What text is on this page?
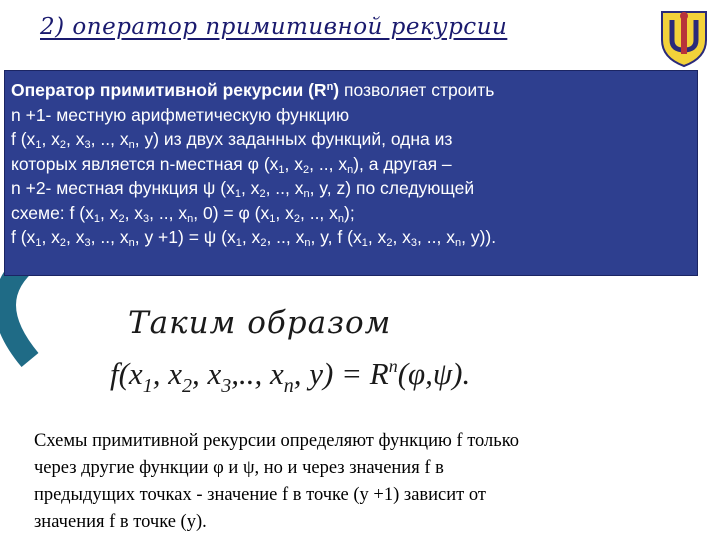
2) оператор примитивной рекурсии
Оператор примитивной рекурсии $(R^n)$ позволяет строить
n +1- местную арифметическую функцию
f ($x_1$, $x_2$, $x_3$, .., $x_n$, y) из двух заданных функций, одна из
которых является n-местная φ ($x_1$, $x_2$, .., $x_n$), а другая –
n +2- местная функция ψ ($x_1$, $x_2$, .., $x_n$, y, z) по следующей
схеме: f ($x_1$, $x_2$, $x_3$, .., $x_n$, 0) = φ ($x_1$, $x_2$, .., $x_n$);
f ($x_1$, $x_2$, $x_3$, .., $x_n$, y +1) = ψ ($x_1$, $x_2$, .., $x_n$, y, f ($x_1$, $x_2$, $x_3$, .., $x_n$, y)).
Таким образом
$f(x_1$, $x_2$, $x_3$,.., $x_n$, $y) = R^n(\varphi,\psi)$.
Схемы примитивной рекурсии определяют функцию f только
через другие функции φ и ψ, но и через значения f в
предыдущих точках - значение f в точке (y +1) зависит от
значения f в точке (y).
